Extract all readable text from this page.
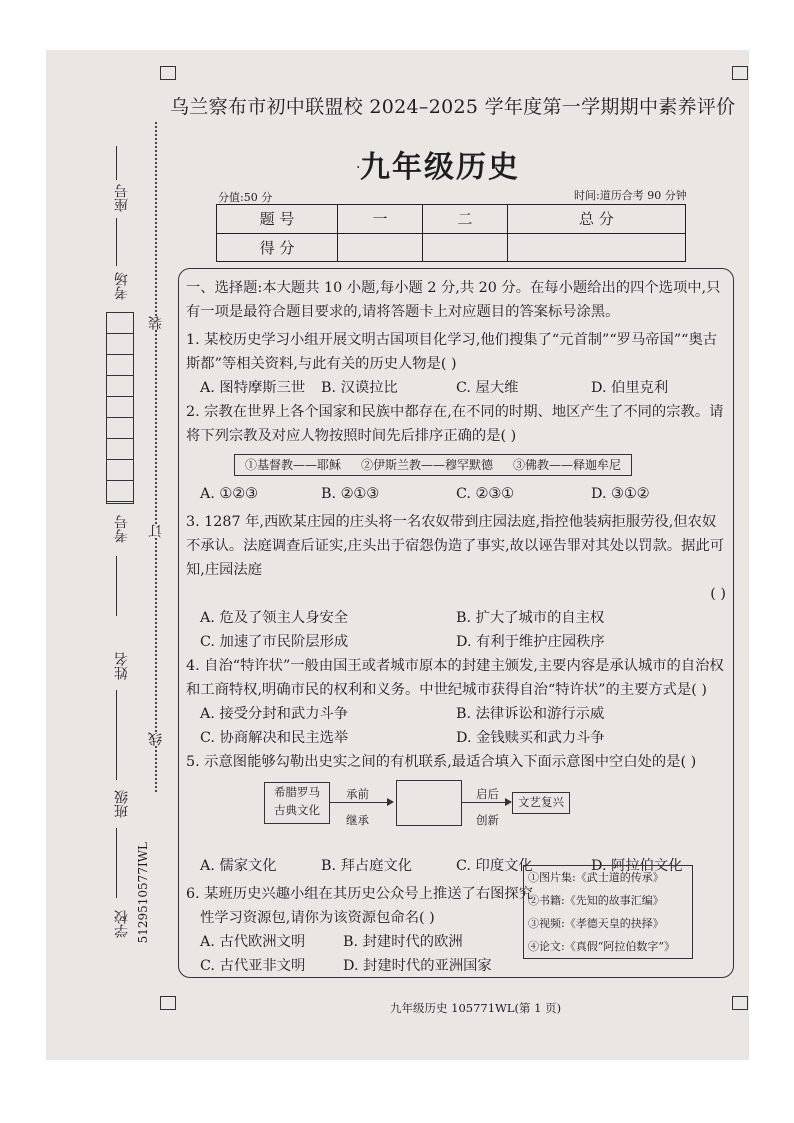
乌兰察布市初中联盟校 2024–2025 学年度第一学期期中素养评价
· 九年级历史
分值:50 分	时间:道历合考 90 分钟
题 号	一	二	总 分
得 分			
装
订
线
座号
考场
考号
姓名
班级
学校 5129510577IWL

一、选择题:本大题共 10 小题,每小题 2 分,共 20 分。在每小题给出的四个选项中,只有一项是最符合题目要求的,请将答题卡上对应题目的答案标号涂黑。

1. 某校历史学习小组开展文明古国项目化学习,他们搜集了“元首制”“罗马帝国”“奥古斯都”等相关资料,与此有关的历史人物是( )

A. 图特摩斯三世	B. 汉谟拉比	C. 屋大维	D. 伯里克利

2. 宗教在世界上各个国家和民族中都存在,在不同的时期、地区产生了不同的宗教。请将下列宗教及对应人物按照时间先后排序正确的是( )

①基督教——耶稣 ②伊斯兰教——穆罕默德 ③佛教——释迦牟尼
A. ①②③	B. ②①③	C. ②③①	D. ③①②

3. 1287 年,西欧某庄园的庄头将一名农奴带到庄园法庭,指控他装病拒服劳役,但农奴不承认。法庭调查后证实,庄头出于宿怨伪造了事实,故以诬告罪对其处以罚款。据此可知,庄园法庭

( )

A. 危及了领主人身安全	B. 扩大了城市的自主权
C. 加速了市民阶层形成	D. 有利于维护庄园秩序

4. 自治“特许状”一般由国王或者城市原本的封建主颁发,主要内容是承认城市的自治权和工商特权,明确市民的权利和义务。中世纪城市获得自治“特许状”的主要方式是( )

A. 接受分封和武力斗争	B. 法律诉讼和游行示威
C. 协商解决和民主选举	D. 金钱赎买和武力斗争

5. 示意图能够勾勒出史实之间的有机联系,最适合填入下面示意图中空白处的是( )

希腊罗马
古典文化
承前
继承
启后
创新
文艺复兴
A. 儒家文化	B. 拜占庭文化	C. 印度文化	D. 阿拉伯文化

6. 某班历史兴趣小组在其历史公众号上推送了右图探究

性学习资源包,请你为该资源包命名( )

A. 古代欧洲文明	B. 封建时代的欧洲
C. 古代亚非文明	D. 封建时代的亚洲国家
①图片集:《武士道的传承》
②书籍:《先知的故事汇编》
③视频:《孝德天皇的抉择》
④论文:《真假“阿拉伯数字”》
九年级历史 105771WL(第 1 页)
